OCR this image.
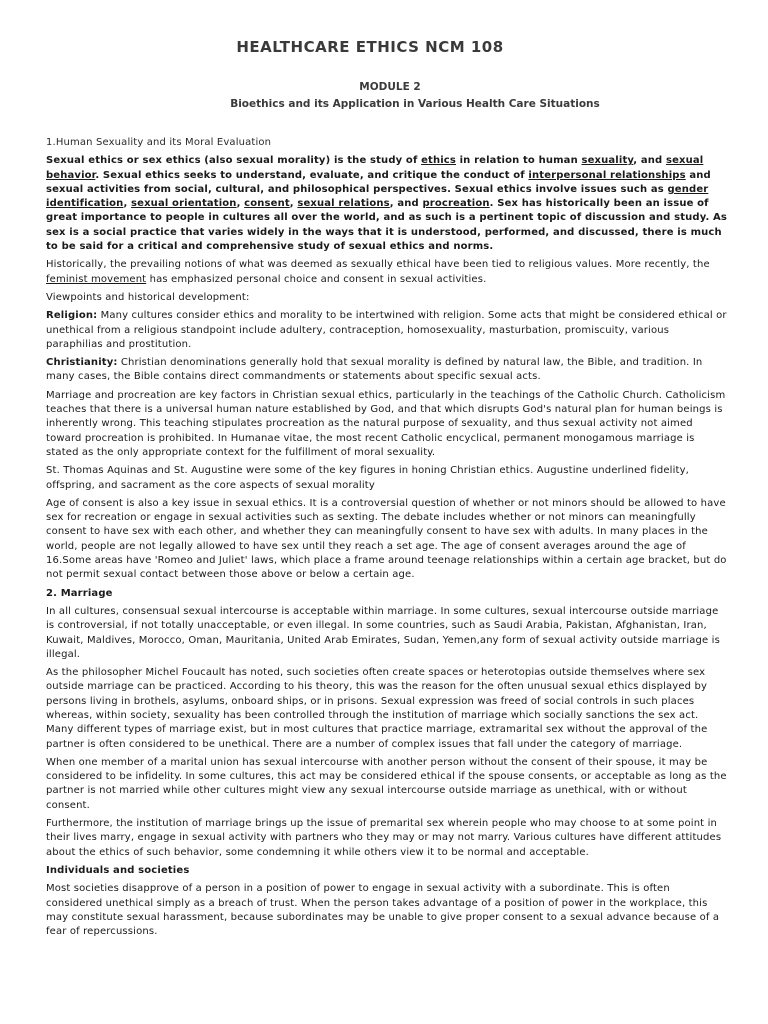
HEALTHCARE ETHICS NCM 108
MODULE 2
Bioethics and its Application in Various Health Care Situations

1.Human Sexuality and its Moral Evaluation

Sexual ethics or sex ethics (also sexual morality) is the study of ethics in relation to human sexuality, and sexual behavior. Sexual ethics seeks to understand, evaluate, and critique the conduct of interpersonal relationships and sexual activities from social, cultural, and philosophical perspectives. Sexual ethics involve issues such as gender identification, sexual orientation, consent, sexual relations, and procreation. Sex has historically been an issue of great importance to people in cultures all over the world, and as such is a pertinent topic of discussion and study. As sex is a social practice that varies widely in the ways that it is understood, performed, and discussed, there is much to be said for a critical and comprehensive study of sexual ethics and norms.

Historically, the prevailing notions of what was deemed as sexually ethical have been tied to religious values. More recently, the feminist movement has emphasized personal choice and consent in sexual activities.

Viewpoints and historical development:

Religion: Many cultures consider ethics and morality to be intertwined with religion. Some acts that might be considered ethical or unethical from a religious standpoint include adultery, contraception, homosexuality, masturbation, promiscuity, various paraphilias and prostitution.

Christianity: Christian denominations generally hold that sexual morality is defined by natural law, the Bible, and tradition. In many cases, the Bible contains direct commandments or statements about specific sexual acts.

Marriage and procreation are key factors in Christian sexual ethics, particularly in the teachings of the Catholic Church. Catholicism teaches that there is a universal human nature established by God, and that which disrupts God's natural plan for human beings is inherently wrong. This teaching stipulates procreation as the natural purpose of sexuality, and thus sexual activity not aimed toward procreation is prohibited. In Humanae vitae, the most recent Catholic encyclical, permanent monogamous marriage is stated as the only appropriate context for the fulfillment of moral sexuality.

St. Thomas Aquinas and St. Augustine were some of the key figures in honing Christian ethics. Augustine underlined fidelity, offspring, and sacrament as the core aspects of sexual morality

Age of consent is also a key issue in sexual ethics. It is a controversial question of whether or not minors should be allowed to have sex for recreation or engage in sexual activities such as sexting. The debate includes whether or not minors can meaningfully consent to have sex with each other, and whether they can meaningfully consent to have sex with adults. In many places in the world, people are not legally allowed to have sex until they reach a set age. The age of consent averages around the age of 16.Some areas have 'Romeo and Juliet' laws, which place a frame around teenage relationships within a certain age bracket, but do not permit sexual contact between those above or below a certain age.

2. Marriage

In all cultures, consensual sexual intercourse is acceptable within marriage. In some cultures, sexual intercourse outside marriage is controversial, if not totally unacceptable, or even illegal. In some countries, such as Saudi Arabia, Pakistan, Afghanistan, Iran, Kuwait, Maldives, Morocco, Oman, Mauritania, United Arab Emirates, Sudan, Yemen,any form of sexual activity outside marriage is illegal.

As the philosopher Michel Foucault has noted, such societies often create spaces or heterotopias outside themselves where sex outside marriage can be practiced. According to his theory, this was the reason for the often unusual sexual ethics displayed by persons living in brothels, asylums, onboard ships, or in prisons. Sexual expression was freed of social controls in such places whereas, within society, sexuality has been controlled through the institution of marriage which socially sanctions the sex act. Many different types of marriage exist, but in most cultures that practice marriage, extramarital sex without the approval of the partner is often considered to be unethical. There are a number of complex issues that fall under the category of marriage.

When one member of a marital union has sexual intercourse with another person without the consent of their spouse, it may be considered to be infidelity. In some cultures, this act may be considered ethical if the spouse consents, or acceptable as long as the partner is not married while other cultures might view any sexual intercourse outside marriage as unethical, with or without consent.

Furthermore, the institution of marriage brings up the issue of premarital sex wherein people who may choose to at some point in their lives marry, engage in sexual activity with partners who they may or may not marry. Various cultures have different attitudes about the ethics of such behavior, some condemning it while others view it to be normal and acceptable.

Individuals and societies

Most societies disapprove of a person in a position of power to engage in sexual activity with a subordinate. This is often considered unethical simply as a breach of trust. When the person takes advantage of a position of power in the workplace, this may constitute sexual harassment, because subordinates may be unable to give proper consent to a sexual advance because of a fear of repercussions.
